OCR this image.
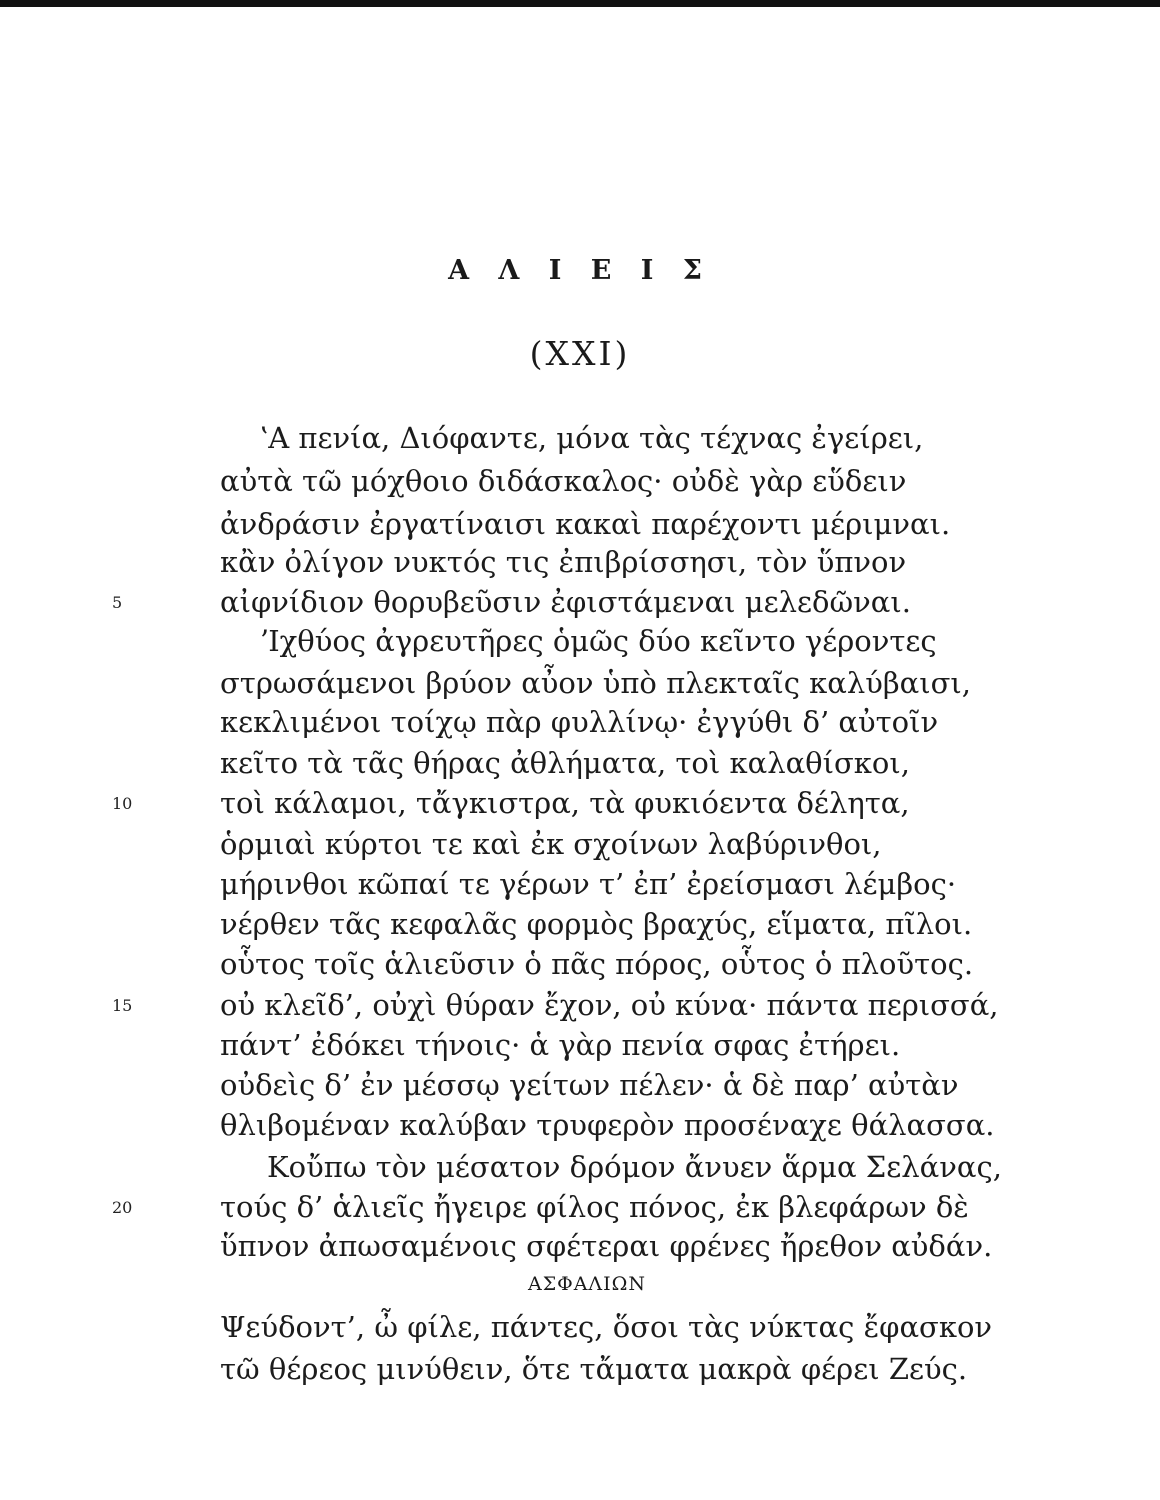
Α Λ Ι Ε Ι Σ
(XXI)
ʽΑ πενία, Διόφαντε, μόνα τὰς τέχνας ἐγείρει,
αὐτὰ τῶ μόχθοιο διδάσκαλος· οὐδὲ γὰρ εὕδειν
ἀνδράσιν ἐργατίναισι κακαὶ παρέχοντι μέριμναι.
κἂν ὀλίγον νυκτός τις ἐπιβρίσσησι, τὸν ὕπνον
αἰφνίδιον θορυβεῦσιν ἐφιστάμεναι μελεδῶναι.
ʼΙχθύος ἀγρευτῆρες ὁμῶς δύο κεῖντο γέροντες
στρωσάμενοι βρύον αὖον ὑπὸ πλεκταῖς καλύβαισι,
κεκλιμένοι τοίχῳ πὰρ φυλλίνῳ· ἐγγύθι δ’ αὐτοῖν
κεῖτο τὰ τᾶς θήρας ἀθλήματα, τοὶ καλαθίσκοι,
τοὶ κάλαμοι, τἄγκιστρα, τὰ φυκιόεντα δέλητα,
ὁρμιαὶ κύρτοι τε καὶ ἐκ σχοίνων λαβύρινθοι,
μήρινθοι κῶπαί τε γέρων τ’ ἐπ’ ἐρείσμασι λέμβος·
νέρθεν τᾶς κεφαλᾶς φορμὸς βραχύς, εἵματα, πῖλοι.
οὗτος τοῖς ἁλιεῦσιν ὁ πᾶς πόρος, οὗτος ὁ πλοῦτος.
οὐ κλεῖδ’, οὐχὶ θύραν ἔχον, οὐ κύνα· πάντα περισσά,
πάντ’ ἐδόκει τήνοις· ἁ γὰρ πενία σφας ἐτήρει.
οὐδεὶς δ’ ἐν μέσσῳ γείτων πέλεν· ἁ δὲ παρ’ αὐτὰν
θλιβομέναν καλύβαν τρυφερὸν προσέναχε θάλασσα.
Κοὔπω τὸν μέσατον δρόμον ἄνυεν ἅρμα Σελάνας,
τούς δ’ ἁλιεῖς ἤγειρε φίλος πόνος, ἐκ βλεφάρων δὲ
ὕπνον ἀπωσαμένοις σφέτεραι φρένες ἤρεθον αὐδάν.
ΑΣΦΑΛΙΩΝ
Ψεύδοντ’, ὦ φίλε, πάντες, ὅσοι τὰς νύκτας ἔφασκον
τῶ θέρεος μινύθειν, ὅτε τἄματα μακρὰ φέρει Ζεύς.
5
10
15
20
